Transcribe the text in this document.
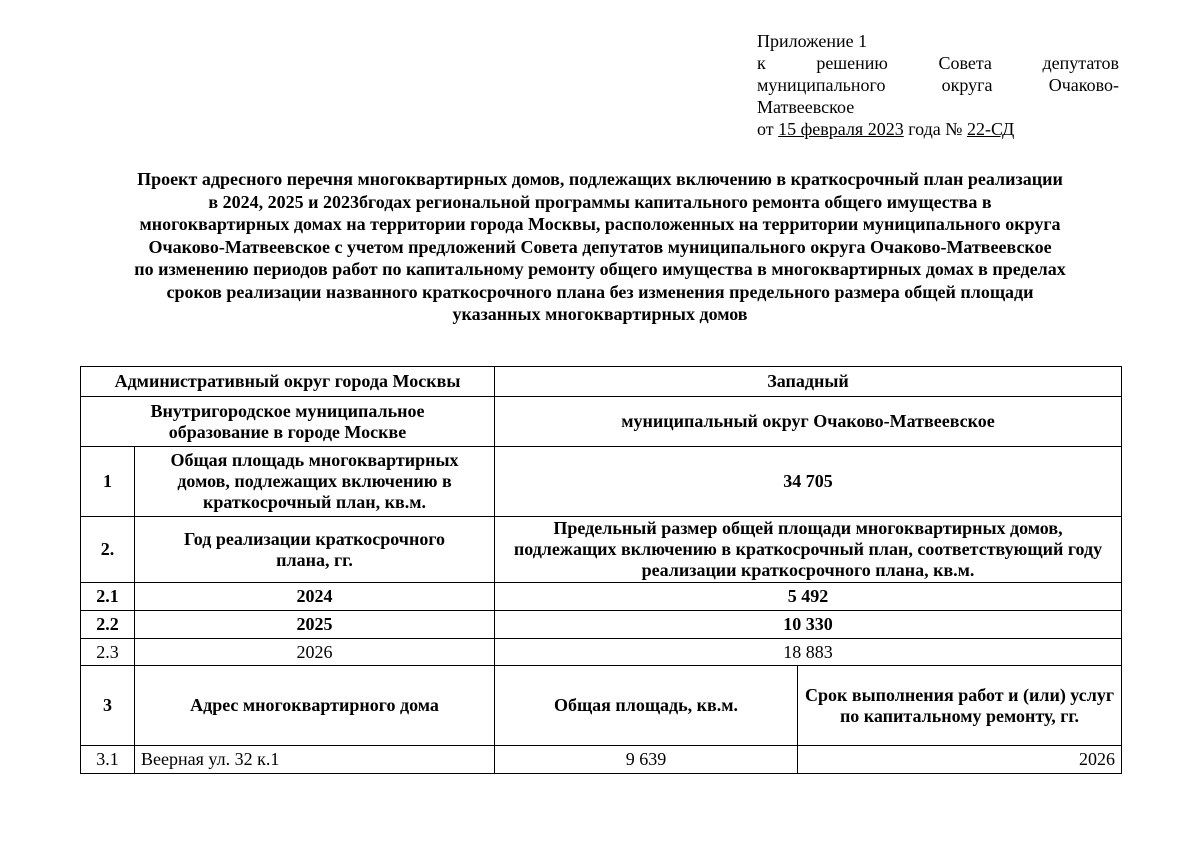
Приложение 1
к	решению	Совета	депутатов
муниципального	округа	Очаково-
Матвеевское
от 15 февраля 2023 года № 22-СД
Проект адресного перечня многоквартирных домов, подлежащих включению в краткосрочный план реализации
в 2024, 2025 и 2023бгодах региональной программы капитального ремонта общего имущества в
многоквартирных домах на территории города Москвы, расположенных на территории муниципального округа
Очаково-Матвеевское с учетом предложений Совета депутатов муниципального округа Очаково-Матвеевское
по изменению периодов работ по капитальному ремонту общего имущества в многоквартирных домах в пределах
сроков реализации названного краткосрочного плана без изменения предельного размера общей площади
указанных многоквартирных домов
Административный округ города Москвы		Западный	
Внутригородское муниципальное образование в городе Москве		муниципальный округ Очаково-Матвеевское	
1	Общая площадь многоквартирных домов, подлежащих включению в краткосрочный план, кв.м.	34 705	
2.	Год реализации краткосрочного плана, гг.	Предельный размер общей площади многоквартирных домов, подлежащих включению в краткосрочный план, соответствующий году реализации краткосрочного плана, кв.м.	
2.1	2024	5 492	
2.2	2025	10 330	
2.3	2026	18 883	
3	Адрес многоквартирного дома	Общая площадь, кв.м.	Срок выполнения работ и (или) услуг по капитальному ремонту, гг.
3.1	Веерная ул. 32 к.1	9 639	2026
